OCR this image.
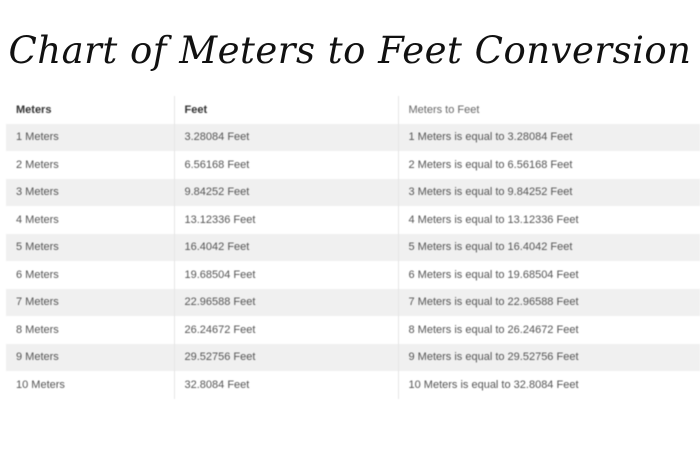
Chart of Meters to Feet Conversion
Meters	Feet	Meters to Feet
1 Meters	3.28084 Feet	1 Meters is equal to 3.28084 Feet
2 Meters	6.56168 Feet	2 Meters is equal to 6.56168 Feet
3 Meters	9.84252 Feet	3 Meters is equal to 9.84252 Feet
4 Meters	13.12336 Feet	4 Meters is equal to 13.12336 Feet
5 Meters	16.4042 Feet	5 Meters is equal to 16.4042 Feet
6 Meters	19.68504 Feet	6 Meters is equal to 19.68504 Feet
7 Meters	22.96588 Feet	7 Meters is equal to 22.96588 Feet
8 Meters	26.24672 Feet	8 Meters is equal to 26.24672 Feet
9 Meters	29.52756 Feet	9 Meters is equal to 29.52756 Feet
10 Meters	32.8084 Feet	10 Meters is equal to 32.8084 Feet
